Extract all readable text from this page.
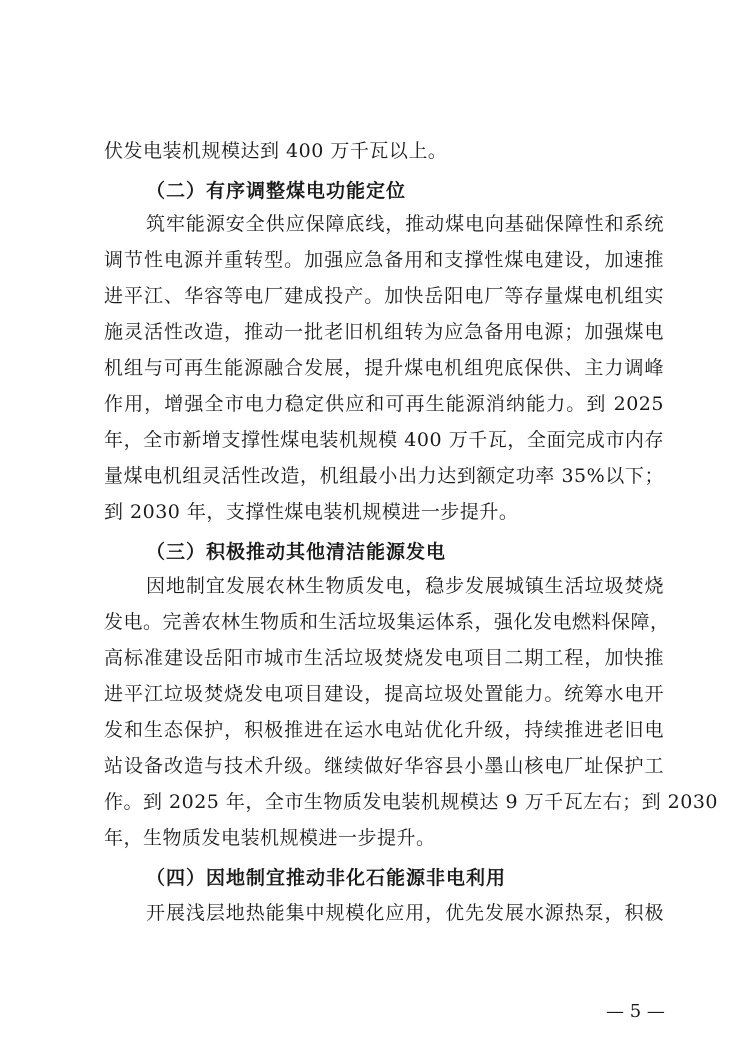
伏发电装机规模达到 400 万千瓦以上。
（二）有序调整煤电功能定位
筑牢能源安全供应保障底线，推动煤电向基础保障性和系统
调节性电源并重转型。加强应急备用和支撑性煤电建设，加速推
进平江、华容等电厂建成投产。加快岳阳电厂等存量煤电机组实
施灵活性改造，推动一批老旧机组转为应急备用电源；加强煤电
机组与可再生能源融合发展，提升煤电机组兜底保供、主力调峰
作用，增强全市电力稳定供应和可再生能源消纳能力。到 2025
年，全市新增支撑性煤电装机规模 400 万千瓦，全面完成市内存
量煤电机组灵活性改造，机组最小出力达到额定功率 35%以下；
到 2030 年，支撑性煤电装机规模进一步提升。
（三）积极推动其他清洁能源发电
因地制宜发展农林生物质发电，稳步发展城镇生活垃圾焚烧
发电。完善农林生物质和生活垃圾集运体系，强化发电燃料保障，
高标准建设岳阳市城市生活垃圾焚烧发电项目二期工程，加快推
进平江垃圾焚烧发电项目建设，提高垃圾处置能力。统筹水电开
发和生态保护，积极推进在运水电站优化升级，持续推进老旧电
站设备改造与技术升级。继续做好华容县小墨山核电厂址保护工
作。到 2025 年，全市生物质发电装机规模达 9 万千瓦左右；到 2030
年，生物质发电装机规模进一步提升。
（四）因地制宜推动非化石能源非电利用
开展浅层地热能集中规模化应用，优先发展水源热泵，积极
— 5 —
